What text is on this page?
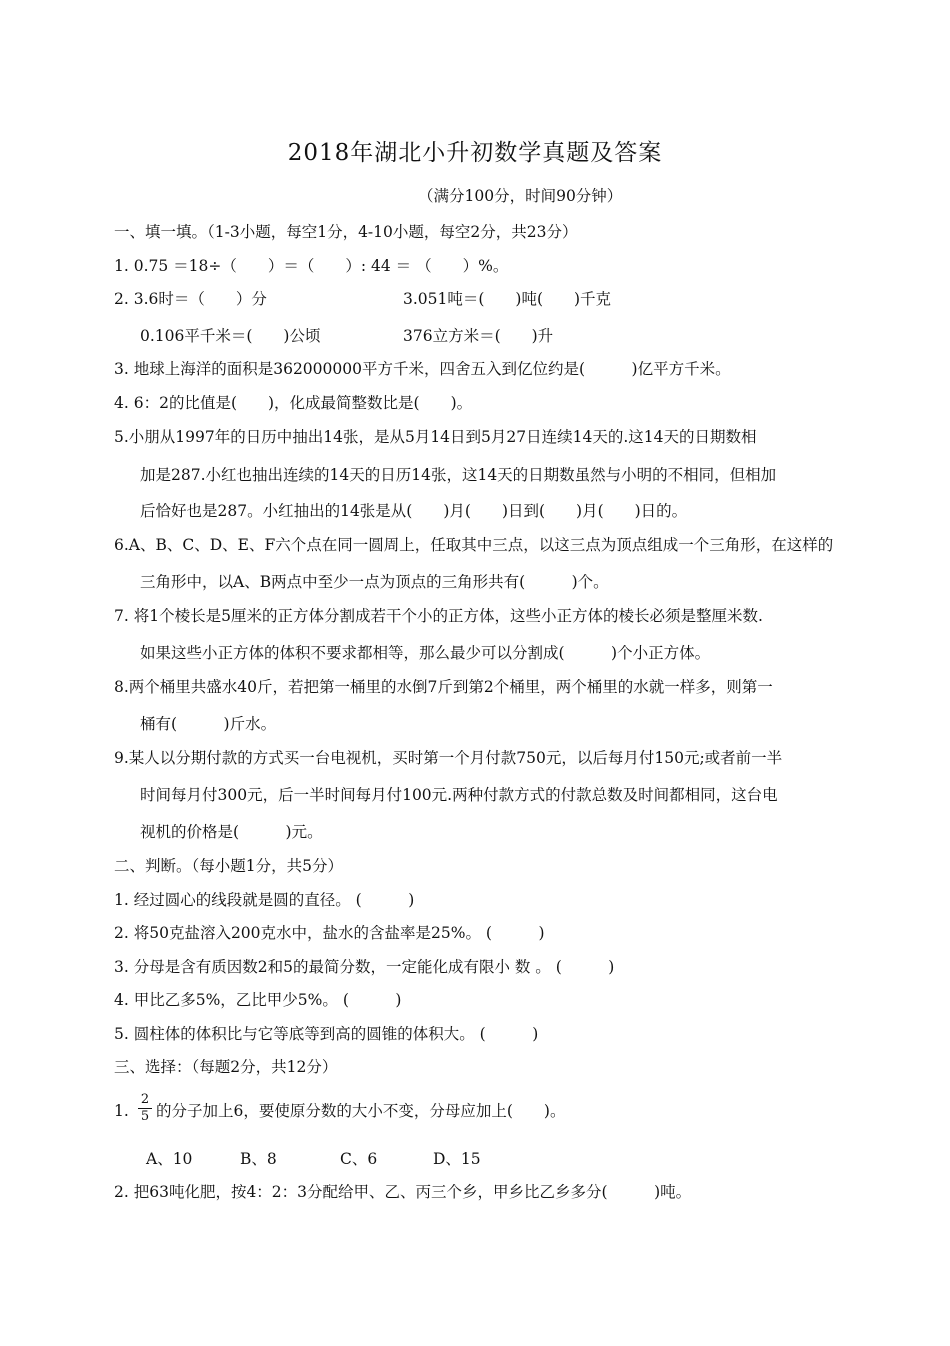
2018年湖北小升初数学真题及答案
（满分100分，时间90分钟）
一、填一填。（1-3小题，每空1分，4-10小题，每空2分，共23分）
1. 0.75 ＝18÷（　　）＝（　　）: 44 ＝ （　　）%。
2. 3.6时＝（　　）分	3.051吨＝(　　)吨(　　)千克
0.106平千米＝(　　)公顷	376立方米＝(　　)升
3. 地球上海洋的面积是362000000平方千米，四舍五入到亿位约是(　　　)亿平方千米。
4. 6：2的比值是(　　)，化成最简整数比是(　　)。
5.小朋从1997年的日历中抽出14张，是从5月14日到5月27日连续14天的.这14天的日期数相
加是287.小红也抽出连续的14天的日历14张，这14天的日期数虽然与小明的不相同，但相加
后恰好也是287。小红抽出的14张是从(　　)月(　　)日到(　　)月(　　)日的。
6.A、B、C、D、E、F六个点在同一圆周上，任取其中三点，以这三点为顶点组成一个三角形，在这样的
三角形中，以A、B两点中至少一点为顶点的三角形共有(　　　)个。
7. 将1个棱长是5厘米的正方体分割成若干个小的正方体，这些小正方体的棱长必须是整厘米数.
如果这些小正方体的体积不要求都相等，那么最少可以分割成(　　　)个小正方体。
8.两个桶里共盛水40斤，若把第一桶里的水倒7斤到第2个桶里，两个桶里的水就一样多，则第一
桶有(　　　)斤水。
9.某人以分期付款的方式买一台电视机，买时第一个月付款750元，以后每月付150元;或者前一半
时间每月付300元，后一半时间每月付100元.两种付款方式的付款总数及时间都相同，这台电
视机的价格是(　　　)元。
二、判断。（每小题1分，共5分）
1. 经过圆心的线段就是圆的直径。 (　　　)
2. 将50克盐溶入200克水中，盐水的含盐率是25%。 (　　　)
3. 分母是含有质因数2和5的最简分数，一定能化成有限小 数 。 (　　　)
4. 甲比乙多5%，乙比甲少5%。 (　　　)
5. 圆柱体的体积比与它等底等到高的圆锥的体积大。 (　　　)
三、选择：（每题2分，共12分）
1. $\frac{2}{5}$ 的分子加上6，要使原分数的大小不变，分母应加上(　　)。
A、10	B、8	C、6	D、15
2. 把63吨化肥，按4：2：3分配给甲、乙、丙三个乡，甲乡比乙乡多分(　　　)吨。
